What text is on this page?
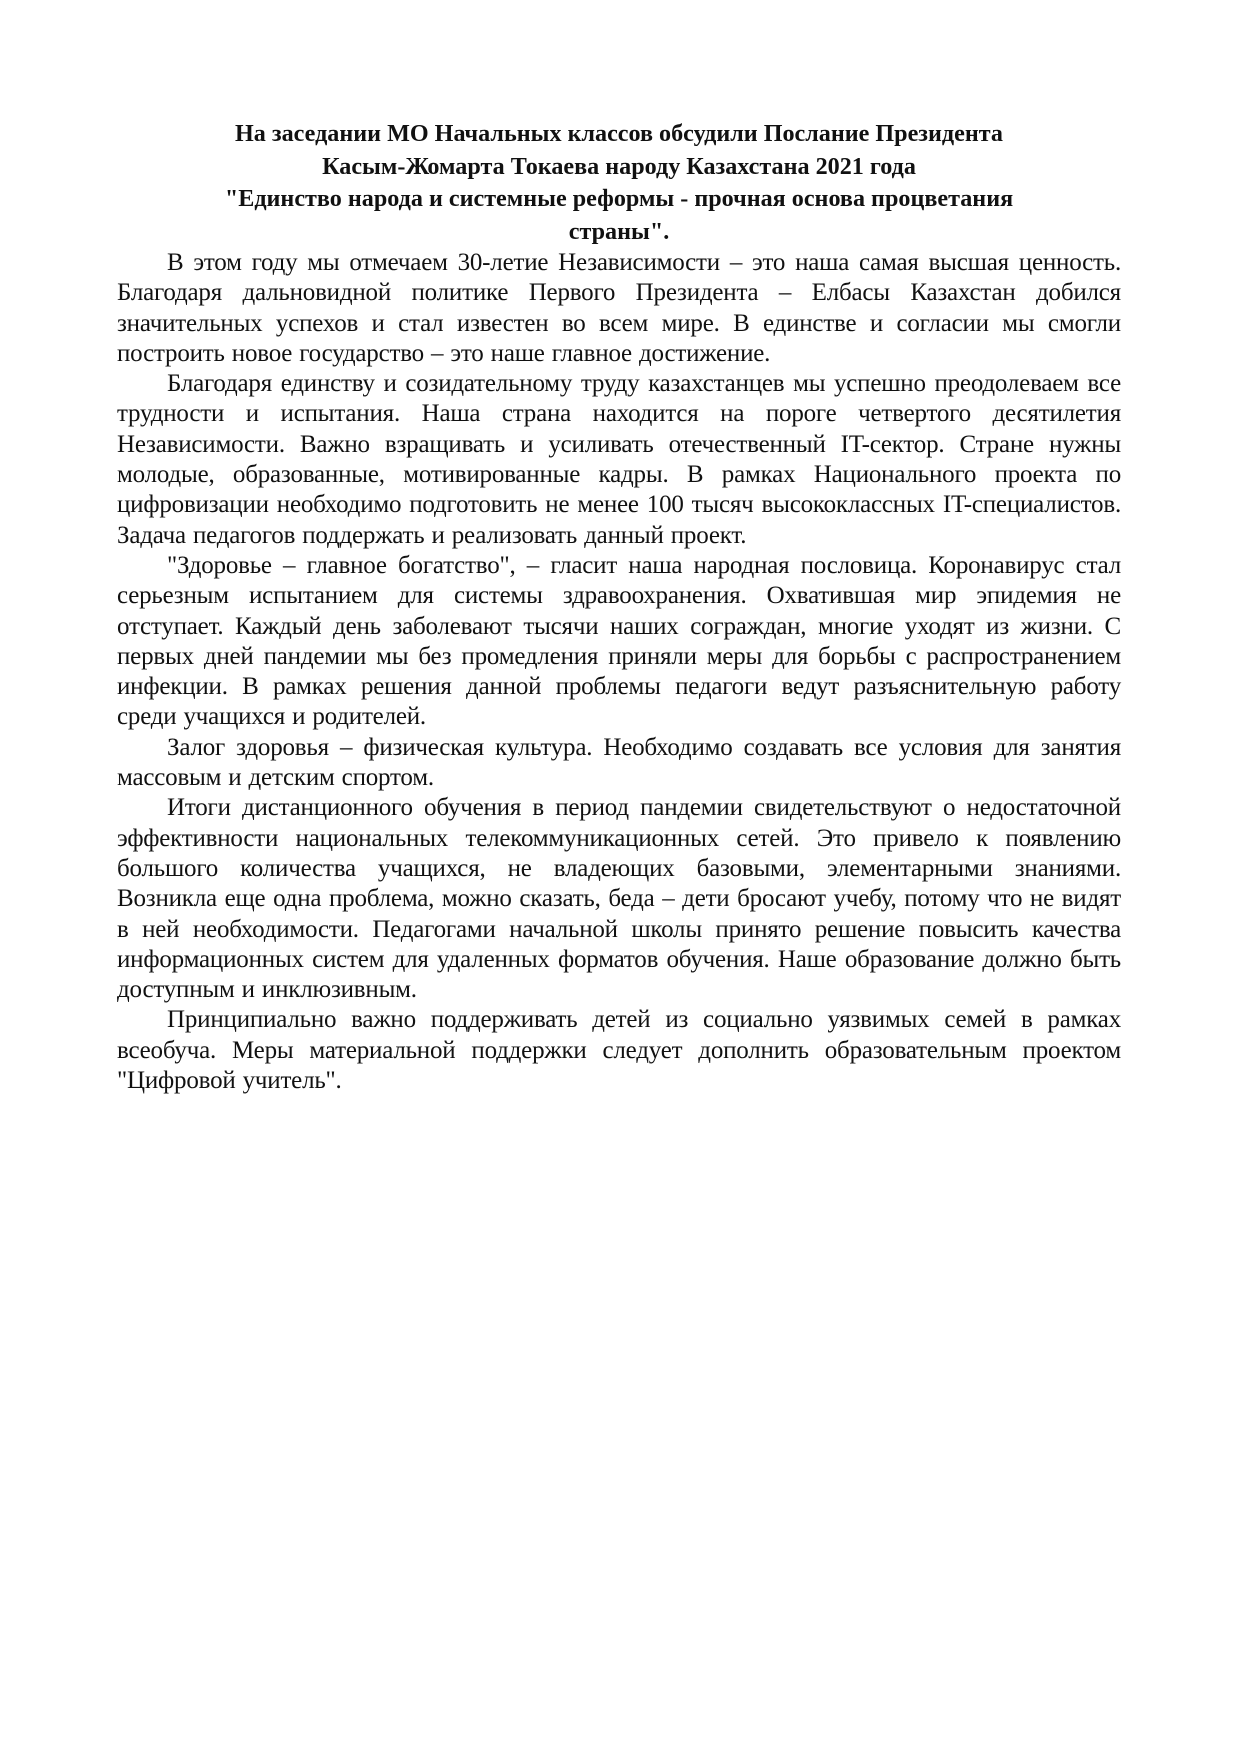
На заседании МО Начальных классов обсудили Послание Президента
Касым-Жомарта Токаева народу Казахстана 2021 года
"Единство народа и системные реформы - прочная основа процветания
страны".

В этом году мы отмечаем 30-летие Независимости – это наша самая высшая ценность. Благодаря дальновидной политике Первого Президента – Елбасы Казахстан добился значительных успехов и стал известен во всем мире. В единстве и согласии мы смогли построить новое государство – это наше главное достижение.

Благодаря единству и созидательному труду казахстанцев мы успешно преодолеваем все трудности и испытания. Наша страна находится на пороге четвертого десятилетия Независимости. Важно взращивать и усиливать отечественный IT-сектор. Стране нужны молодые, образованные, мотивированные кадры. В рамках Национального проекта по цифровизации необходимо подготовить не менее 100 тысяч высококлассных IT-специалистов. Задача педагогов поддержать и реализовать данный проект.

"Здоровье – главное богатство", – гласит наша народная пословица. Коронавирус стал серьезным испытанием для системы здравоохранения. Охватившая мир эпидемия не отступает. Каждый день заболевают тысячи наших сограждан, многие уходят из жизни. С первых дней пандемии мы без промедления приняли меры для борьбы с распространением инфекции. В рамках решения данной проблемы педагоги ведут разъяснительную работу среди учащихся и родителей.

Залог здоровья – физическая культура. Необходимо создавать все условия для занятия массовым и детским спортом.

Итоги дистанционного обучения в период пандемии свидетельствуют о недостаточной эффективности национальных телекоммуникационных сетей. Это привело к появлению большого количества учащихся, не владеющих базовыми, элементарными знаниями. Возникла еще одна проблема, можно сказать, беда – дети бросают учебу, потому что не видят в ней необходимости. Педагогами начальной школы принято решение повысить качества информационных систем для удаленных форматов обучения. Наше образование должно быть доступным и инклюзивным.

Принципиально важно поддерживать детей из социально уязвимых семей в рамках всеобуча. Меры материальной поддержки следует дополнить образовательным проектом "Цифровой учитель".
